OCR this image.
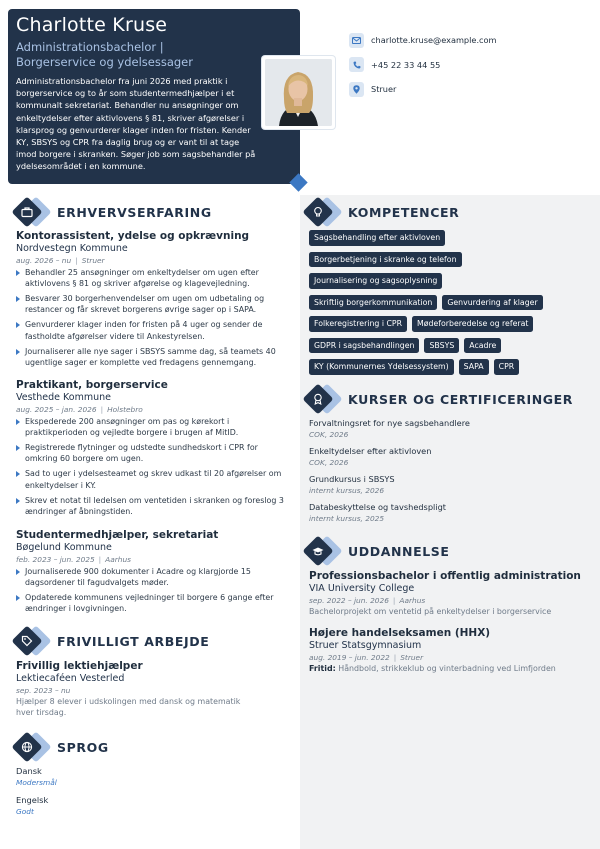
Charlotte Kruse
Administrationsbachelor |
Borgerservice og ydelsessager
Administrationsbachelor fra juni 2026 med praktik i borgerservice og to år som studentermedhjælper i et kommunalt sekretariat. Behandler nu ansøgninger om enkeltydelser efter aktivlovens § 81, skriver afgørelser i klarsprog og genvurderer klager inden for fristen. Kender KY, SBSYS og CPR fra daglig brug og er vant til at tage imod borgere i skranken. Søger job som sagsbehandler på ydelsesområdet i en kommune.
charlotte.kruse@example.com
+45 22 33 44 55
Struer
ERHVERVSERFARING
Kontorassistent, ydelse og opkrævning
Nordvestegn Kommune
aug. 2026 – nu | Struer
Behandler 25 ansøgninger om enkeltydelser om ugen efter aktivlovens § 81 og skriver afgørelse og klagevejledning.
Besvarer 30 borgerhenvendelser om ugen om udbetaling og restancer og får skrevet borgerens øvrige sager op i SAPA.
Genvurderer klager inden for fristen på 4 uger og sender de fastholdte afgørelser videre til Ankestyrelsen.
Journaliserer alle nye sager i SBSYS samme dag, så teamets 40 ugentlige sager er komplette ved fredagens gennemgang.
Praktikant, borgerservice
Vesthede Kommune
aug. 2025 – jan. 2026 | Holstebro
Ekspederede 200 ansøgninger om pas og kørekort i praktikperioden og vejledte borgere i brugen af MitID.
Registrerede flytninger og udstedte sundhedskort i CPR for omkring 60 borgere om ugen.
Sad to uger i ydelsesteamet og skrev udkast til 20 afgørelser om enkeltydelser i KY.
Skrev et notat til ledelsen om ventetiden i skranken og foreslog 3 ændringer af åbningstiden.
Studentermedhjælper, sekretariat
Bøgelund Kommune
feb. 2023 – jun. 2025 | Aarhus
Journaliserede 900 dokumenter i Acadre og klargjorde 15 dagsordener til fagudvalgets møder.
Opdaterede kommunens vejledninger til borgere 6 gange efter ændringer i lovgivningen.
FRIVILLIGT ARBEJDE
Frivillig lektiehjælper
Lektiecaféen Vesterled
sep. 2023 – nu
Hjælper 8 elever i udskolingen med dansk og matematik hver tirsdag.
SPROG
Dansk
Modersmål
Engelsk
Godt
KOMPETENCER
Sagsbehandling efter aktivloven
Borgerbetjening i skranke og telefon
Journalisering og sagsoplysning
Skriftlig borgerkommunikation	Genvurdering af klager
Folkeregistrering i CPR	Mødeforberedelse og referat
GDPR i sagsbehandlingen	SBSYS	Acadre
KY (Kommunernes Ydelsessystem)	SAPA	CPR
KURSER OG CERTIFICERINGER
Forvaltningsret for nye sagsbehandlere
COK, 2026
Enkeltydelser efter aktivloven
COK, 2026
Grundkursus i SBSYS
internt kursus, 2026
Databeskyttelse og tavshedspligt
internt kursus, 2025
UDDANNELSE
Professionsbachelor i offentlig administration
VIA University College
sep. 2022 – jun. 2026 | Aarhus
Bachelorprojekt om ventetid på enkeltydelser i borgerservice
Højere handelseksamen (HHX)
Struer Statsgymnasium
aug. 2019 – jun. 2022 | Struer
Fritid: Håndbold, strikkeklub og vinterbadning ved Limfjorden
